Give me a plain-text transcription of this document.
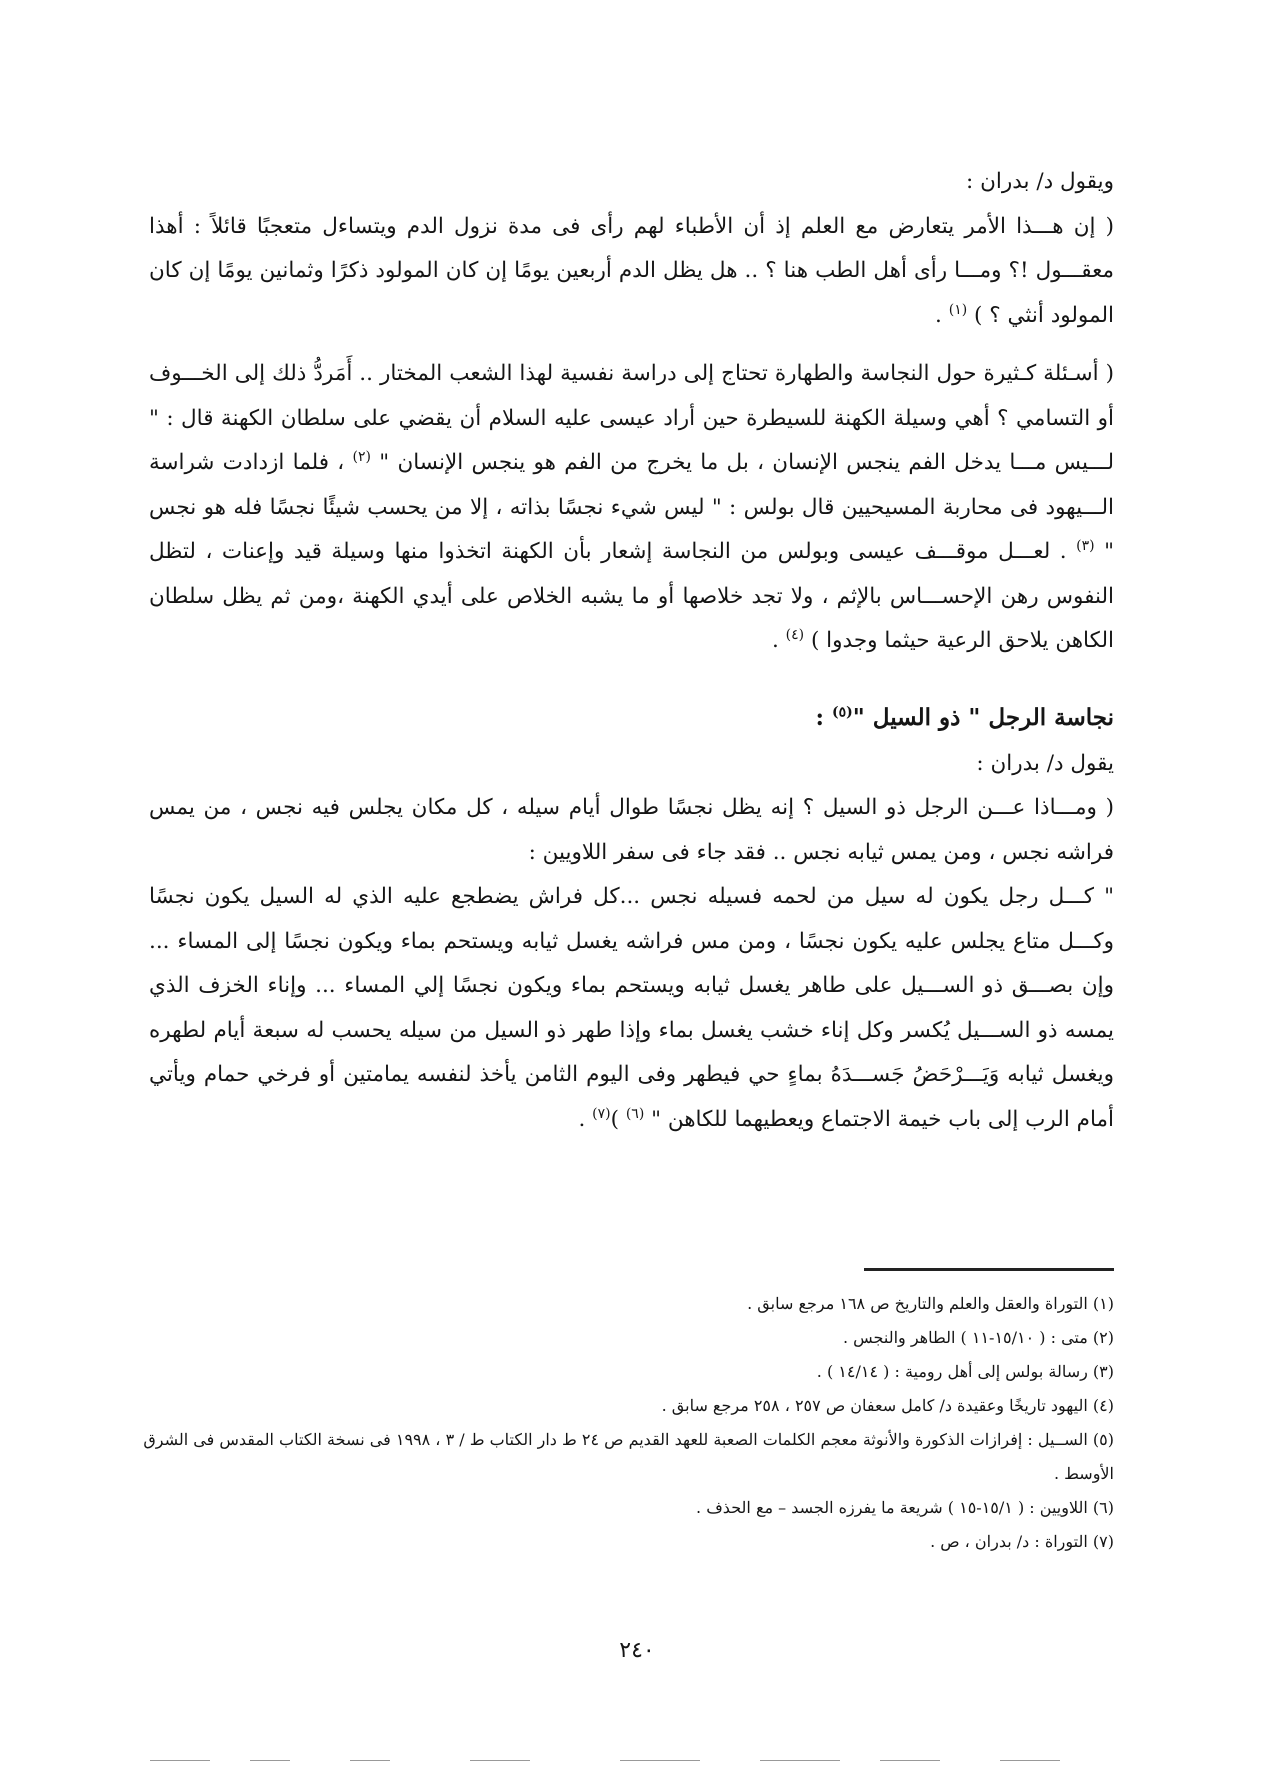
ويقول د/ بدران :

( إن هـــذا الأمر يتعارض مع العلم إذ أن الأطباء لهم رأى فى مدة نزول الدم ويتساءل متعجبًا قائلاً : أهذا معقـــول !؟ ومـــا رأى أهل الطب هنا ؟ .. هل يظل الدم أربعين يومًا إن كان المولود ذكرًا وثمانين يومًا إن كان المولود أنثي ؟ ) $^{(١)}$ .

( أسـئلة كـثيرة حول النجاسة والطهارة تحتاج إلى دراسة نفسية لهذا الشعب المختار .. أَمَردُّ ذلك إلى الخـــوف أو التسامي ؟ أهي وسيلة الكهنة للسيطرة حين أراد عيسى عليه السلام أن يقضي على سلطان الكهنة قال : " لـــيس مـــا يدخل الفم ينجس الإنسان ، بل ما يخرج من الفم هو ينجس الإنسان " $^{(٢)}$ ، فلما ازدادت شراسة الـــيهود فى محاربة المسيحيين قال بولس : " ليس شيء نجسًا بذاته ، إلا من يحسب شيئًا نجسًا فله هو نجس " $^{(٣)}$ . لعـــل موقـــف عيسى وبولس من النجاسة إشعار بأن الكهنة اتخذوا منها وسيلة قيد وإعنات ، لتظل النفوس رهن الإحســـاس بالإثم ، ولا تجد خلاصها أو ما يشبه الخلاص على أيدي الكهنة ،ومن ثم يظل سلطان الكاهن يلاحق الرعية حيثما وجدوا ) $^{(٤)}$ .

نجاسة الرجل " ذو السيل "$^{(٥)}$ :

يقول د/ بدران :

( ومـــاذا عـــن الرجل ذو السيل ؟ إنه يظل نجسًا طوال أيام سيله ، كل مكان يجلس فيه نجس ، من يمس فراشه نجس ، ومن يمس ثيابه نجس .. فقد جاء فى سفر اللاويين :

" كـــل رجل يكون له سيل من لحمه فسيله نجس ...كل فراش يضطجع عليه الذي له السيل يكون نجسًا وكـــل متاع يجلس عليه يكون نجسًا ، ومن مس فراشه يغسل ثيابه ويستحم بماء ويكون نجسًا إلى المساء ... وإن بصـــق ذو الســـيل على طاهر يغسل ثيابه ويستحم بماء ويكون نجسًا إلي المساء ... وإناء الخزف الذي يمسه ذو الســـيل يُكسر وكل إناء خشب يغسل بماء وإذا طهر ذو السيل من سيله يحسب له سبعة أيام لطهره ويغسل ثيابه وَيَـــرْحَضُ جَســـدَهُ بماءٍ حي فيطهر وفى اليوم الثامن يأخذ لنفسه يمامتين أو فرخي حمام ويأتي أمام الرب إلى باب خيمة الاجتماع ويعطيهما للكاهن " $^{(٦)}$ )$^{(٧)}$ .

(١) التوراة والعقل والعلم والتاريخ ص ١٦٨ مرجع سابق .

(٢) متى : ( ١٥/١٠-١١ ) الطاهر والنجس .

(٣) رسالة بولس إلى أهل رومية : ( ١٤/١٤ ) .

(٤) اليهود تاريخًا وعقيدة د/ كامل سعفان ص ٢٥٧ ، ٢٥٨ مرجع سابق .

(٥) الســيل : إفرازات الذكورة والأنوثة معجم الكلمات الصعبة للعهد القديم ص ٢٤ ط دار الكتاب ط / ٣ ، ١٩٩٨ فى نسخة الكتاب المقدس فى الشرق الأوسط .

(٦) اللاويين : ( ١٥/١-١٥ ) شريعة ما يفرزه الجسد – مع الحذف .

(٧) التوراة : د/ بدران ، ص .

٢٤٠
